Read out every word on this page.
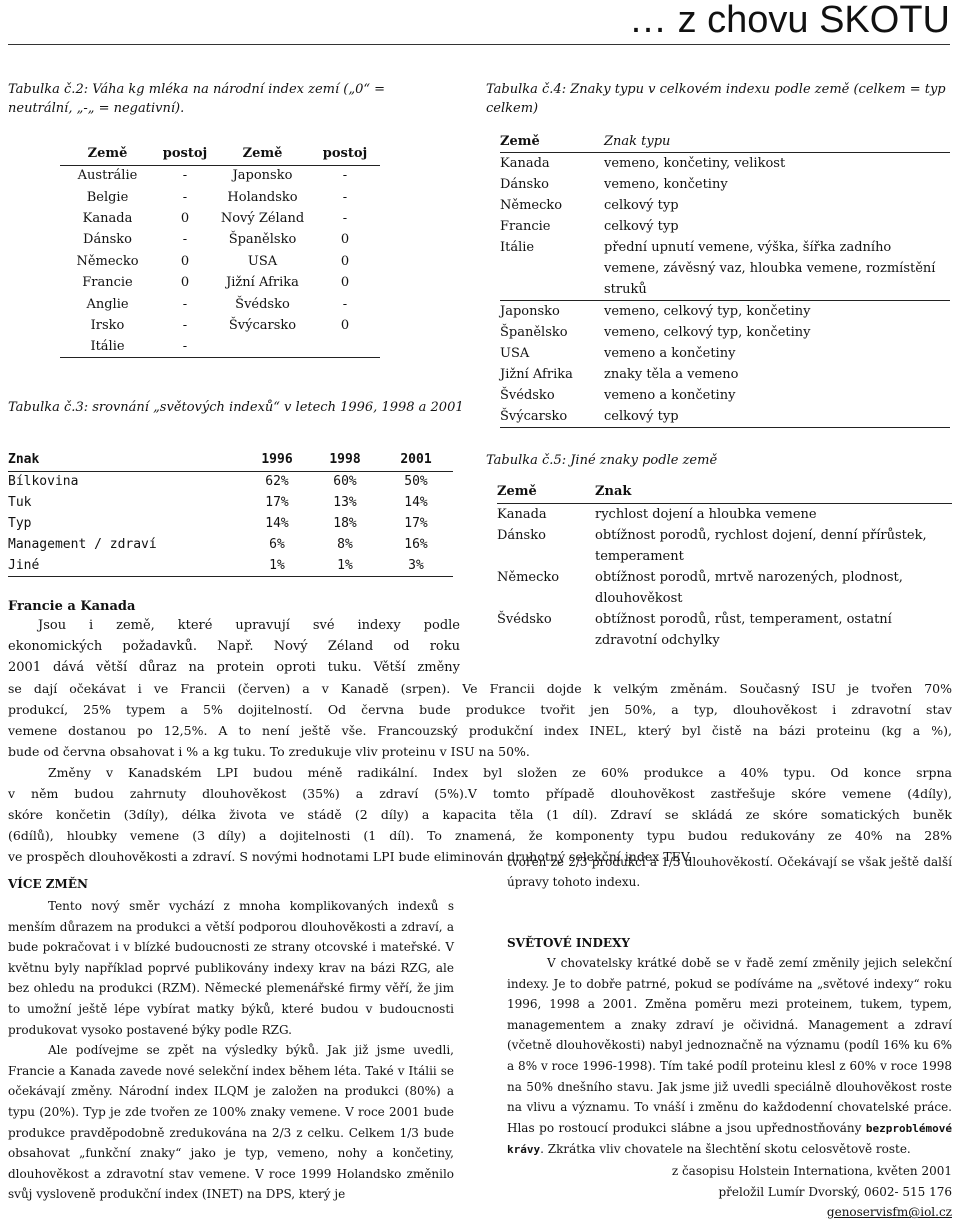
… z chovu SKOTU
Tabulka č.2: Váha kg mléka na národní index zemí („0“ = neutrální, „-„ = negativní).
Země	postoj	Země	postoj
Austrálie	-	Japonsko	-
Belgie	-	Holandsko	-
Kanada	0	Nový Zéland	-
Dánsko	-	Španělsko	0
Německo	0	USA	0
Francie	0	Jižní Afrika	0
Anglie	-	Švédsko	-
Irsko	-	Švýcarsko	0
Itálie	-		
Tabulka č.3: srovnání „světových indexů“ v letech 1996, 1998 a 2001
Znak	1996	1998	2001
Bílkovina	62%	60%	50%
Tuk	17%	13%	14%
Typ	14%	18%	17%
Management / zdraví	6%	8%	16%
Jiné	1%	1%	3%
Tabulka č.4: Znaky typu v celkovém indexu podle země (celkem = typ celkem)
Země	Znak typu
Kanada	vemeno, končetiny, velikost
Dánsko	vemeno, končetiny
Německo	celkový typ
Francie	celkový typ
Itálie	přední upnutí vemene, výška, šířka zadního vemene, závěsný vaz, hloubka vemene, rozmístění struků
Japonsko	vemeno, celkový typ, končetiny
Španělsko	vemeno, celkový typ, končetiny
USA	vemeno a končetiny
Jižní Afrika	znaky těla a vemeno
Švédsko	vemeno a končetiny
Švýcarsko	celkový typ
Tabulka č.5: Jiné znaky podle země
Země	Znak
Kanada	rychlost dojení a hloubka vemene
Dánsko	obtížnost porodů, rychlost dojení, denní přírůstek, temperament
Německo	obtížnost porodů, mrtvě narozených, plodnost, dlouhověkost
Švédsko	obtížnost porodů, růst, temperament, ostatní zdravotní odchylky
Francie a Kanada

Jsou i země, které upravují své indexy podle

ekonomických požadavků. Např. Nový Zéland od roku

2001 dává větší důraz na protein oproti tuku. Větší změny

se dají očekávat i ve Francii (červen) a v Kanadě (srpen). Ve Francii dojde k velkým změnám. Současný ISU je tvořen 70%

produkcí, 25% typem a 5% dojitelností. Od června bude produkce tvořit jen 50%, a typ, dlouhověkost i zdravotní stav

vemene dostanou po 12,5%. A to není ještě vše. Francouzský produkční index INEL, který byl čistě na bázi proteinu (kg a %),

bude od června obsahovat i % a kg tuku. To zredukuje vliv proteinu v ISU na 50%.

Změny v Kanadském LPI budou méně radikální. Index byl složen ze 60% produkce a 40% typu. Od konce srpna

v něm budou zahrnuty dlouhověkost (35%) a zdraví (5%).V tomto případě dlouhověkost zastřešuje skóre vemene (4díly),

skóre končetin (3díly), délka života ve stádě (2 díly) a kapacita těla (1 díl). Zdraví se skládá ze skóre somatických buněk

(6dílů), hloubky vemene (3 díly) a dojitelnosti (1 díl). To znamená, že komponenty typu budou redukovány ze 40% na 28%

ve prospěch dlouhověkosti a zdraví. S novými hodnotami LPI bude eliminován druhotný selekční index TEV.

VÍCE ZMĚN

Tento nový směr vychází z mnoha komplikovaných indexů s menším důrazem na produkci a větší podporou dlouhověkosti a zdraví, a bude pokračovat i v blízké budoucnosti ze strany otcovské i mateřské. V květnu byly například poprvé publikovány indexy krav na bázi RZG, ale bez ohledu na produkci (RZM). Německé plemenářské firmy věří, že jim to umožní ještě lépe vybírat matky býků, které budou v budoucnosti produkovat vysoko postavené býky podle RZG.

Ale podívejme se zpět na výsledky býků. Jak již jsme uvedli, Francie a Kanada zavede nové selekční index během léta. Také v Itálii se očekávají změny. Národní index ILQM je založen na produkci (80%) a typu (20%). Typ je zde tvořen ze 100% znaky vemene. V roce 2001 bude produkce pravděpodobně zredukována na 2/3 z celku. Celkem 1/3 bude obsahovat „funkční znaky“ jako je typ, vemeno, nohy a končetiny, dlouhověkost a zdravotní stav vemene. V roce 1999 Holandsko změnilo svůj vysloveně produkční index (INET) na DPS, který je

tvořen ze 2/3 produkcí a 1/3 dlouhověkostí. Očekávají se však ještě další úpravy tohoto indexu.
SVĚTOVÉ INDEXY

V chovatelsky krátké době se v řadě zemí změnily jejich selekční indexy. Je to dobře patrné, pokud se podíváme na „světové indexy“ roku 1996, 1998 a 2001. Změna poměru mezi proteinem, tukem, typem, managementem a znaky zdraví je očividná. Management a zdraví (včetně dlouhověkosti) nabyl jednoznačně na významu (podíl 16% ku 6% a 8% v roce 1996-1998). Tím také podíl proteinu klesl z 60% v roce 1998 na 50% dnešního stavu. Jak jsme již uvedli speciálně dlouhověkost roste na vlivu a významu. To vnáší i změnu do každodenní chovatelské práce. Hlas po rostoucí produkci slábne a jsou upřednostňovány bezproblémové krávy. Zkrátka vliv chovatele na šlechtění skotu celosvětově roste.

z časopisu Holstein Internationa, květen 2001

přeložil Lumír Dvorský, 0602- 515 176

genoservisfm@iol.cz
